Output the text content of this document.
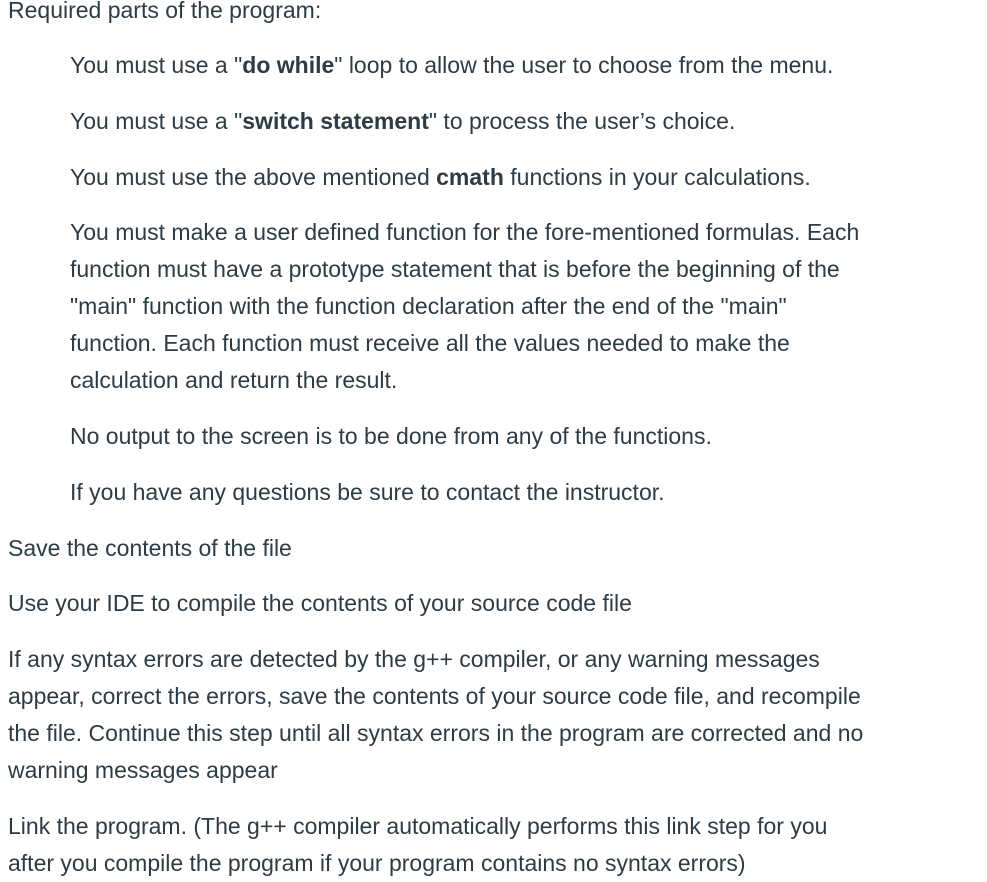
Required parts of the program:

You must use a "do while" loop to allow the user to choose from the menu.

You must use a "switch statement" to process the user’s choice.

You must use the above mentioned cmath functions in your calculations.

You must make a user defined function for the fore-mentioned formulas. Each
function must have a prototype statement that is before the beginning of the
"main" function with the function declaration after the end of the "main"
function. Each function must receive all the values needed to make the
calculation and return the result.

No output to the screen is to be done from any of the functions.

If you have any questions be sure to contact the instructor.

Save the contents of the file

Use your IDE to compile the contents of your source code file

If any syntax errors are detected by the g++ compiler, or any warning messages
appear, correct the errors, save the contents of your source code file, and recompile
the file. Continue this step until all syntax errors in the program are corrected and no
warning messages appear
Link the program. (The g++ compiler automatically performs this link step for you
after you compile the program if your program contains no syntax errors)
